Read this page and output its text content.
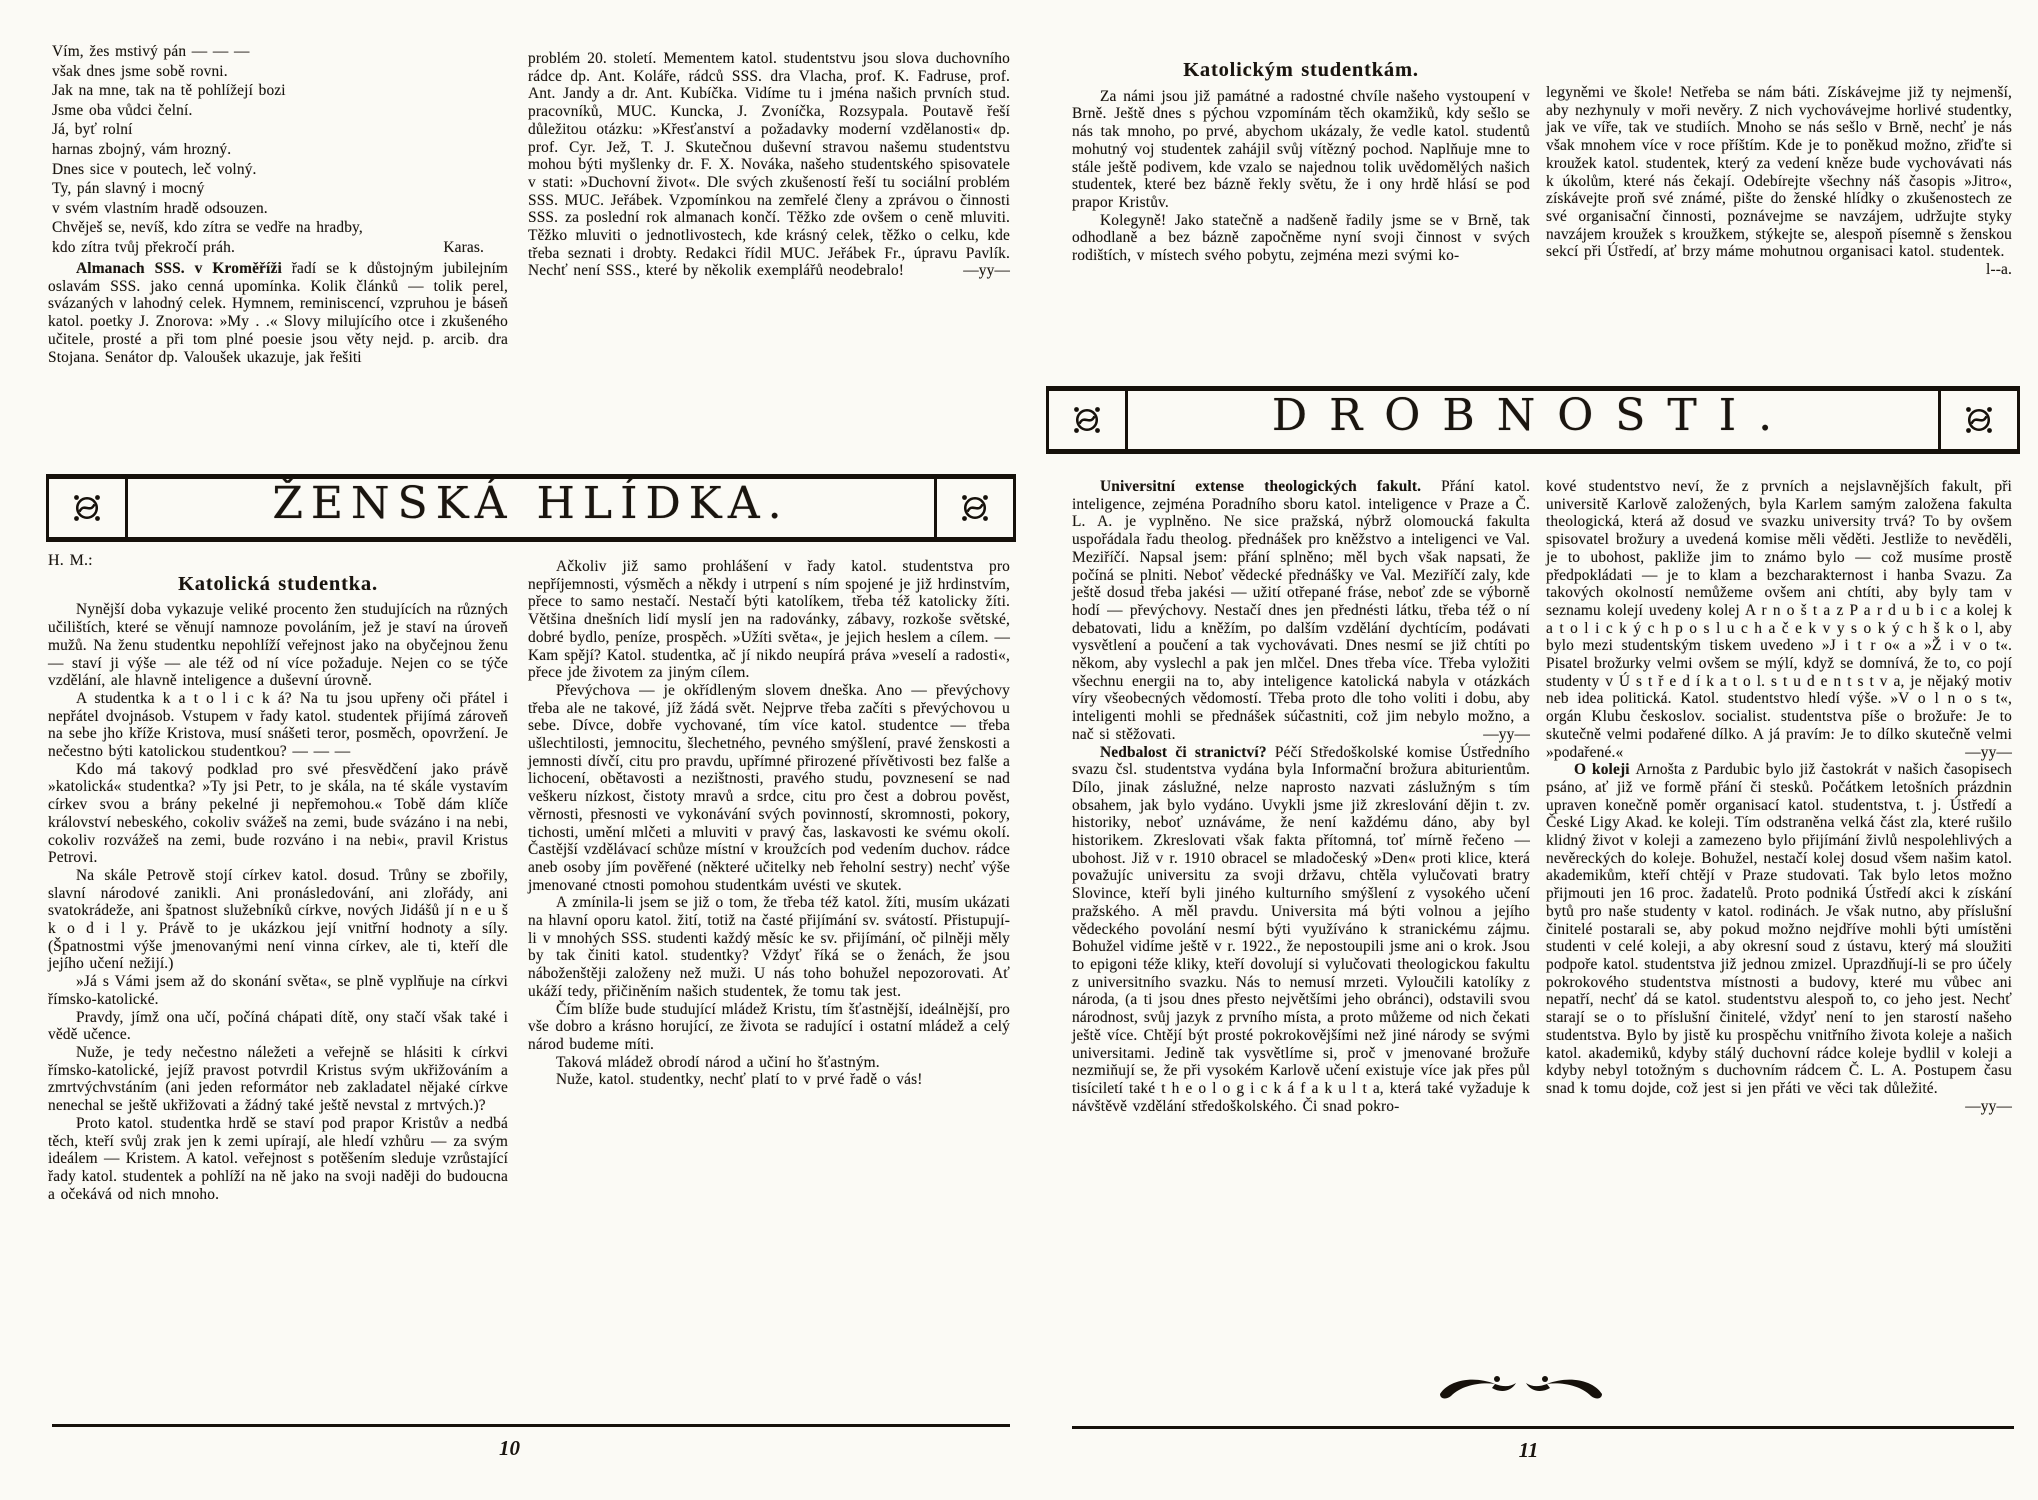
Vím, žes mstivý pán — — —

však dnes jsme sobě rovni.

Jak na mne, tak na tě pohlížejí bozi

Jsme oba vůdci čelní.

Já, byť rolní

harnas zbojný, vám hrozný.

Dnes sice v poutech, leč volný.

Ty, pán slavný i mocný

v svém vlastním hradě odsouzen.

Chvěješ se, nevíš, kdo zítra se vedře na hradby,

kdo zítra tvůj překročí práh.	Karas.

Almanach SSS. v Kroměříži řadí se k důstojným jubilejním oslavám SSS. jako cenná upomínka. Kolik článků — tolik perel, svázaných v lahodný celek. Hymnem, reminiscencí, vzpruhou je báseň katol. poetky J. Znorova: »My . .« Slovy milujícího otce i zkušeného učitele, prosté a při tom plné poesie jsou věty nejd. p. arcib. dra Stojana. Senátor dp. Valoušek ukazuje, jak řešiti

problém 20. století. Mementem katol. studentstvu jsou slova duchovního rádce dp. Ant. Koláře, rádců SSS. dra Vlacha, prof. K. Fadruse, prof. Ant. Jandy a dr. Ant. Kubíčka. Vidíme tu i jména našich prvních stud. pracovníků, MUC. Kuncka, J. Zvoníčka, Rozsypala. Poutavě řeší důležitou otázku: »Křesťanství a požadavky moderní vzdělanosti« dp. prof. Cyr. Jež, T. J. Skutečnou duševní stravou našemu studentstvu mohou býti myšlenky dr. F. X. Nováka, našeho studentského spisovatele v stati: »Duchovní život«. Dle svých zkušeností řeší tu sociální problém SSS. MUC. Jeřábek. Vzpomínkou na zemřelé členy a zprávou o činnosti SSS. za poslední rok almanach končí. Těžko zde ovšem o ceně mluviti. Těžko mluviti o jednotlivostech, kde krásný celek, těžko o celku, kde třeba seznati i drobty. Redakci řídil MUC. Jeřábek Fr., úpravu Pavlík. Nechť není SSS., které by několik exemplářů neodebralo!	—yy—

ŽENSKÁ HLÍDKA.

H. M.:

Katolická studentka.

Nynější doba vykazuje veliké procento žen studujících na různých učilištích, které se věnují namnoze povoláním, jež je staví na úroveň mužů. Na ženu studentku nepohlíží veřejnost jako na obyčejnou ženu — staví ji výše — ale též od ní více požaduje. Nejen co se týče vzdělání, ale hlavně inteligence a duševní úrovně.

A studentka k a t o l i c k á? Na tu jsou upřeny oči přátel i nepřátel dvojnásob. Vstupem v řady katol. studentek přijímá zároveň na sebe jho kříže Kristova, musí snášeti teror, posměch, opovržení. Je nečestno býti katolickou studentkou? — — —

Kdo má takový podklad pro své přesvědčení jako právě »katolická« studentka? »Ty jsi Petr, to je skála, na té skále vystavím církev svou a brány pekelné ji nepřemohou.« Tobě dám klíče království nebeského, cokoliv svážeš na zemi, bude svázáno i na nebi, cokoliv rozvážeš na zemi, bude rozváno i na nebi«, pravil Kristus Petrovi.

Na skále Petrově stojí církev katol. dosud. Trůny se zbořily, slavní národové zanikli. Ani pronásledování, ani zlořády, ani svatokrádeže, ani špatnost služebníků církve, nových Jidášů jí n e u š k o d i l y. Právě to je ukázkou její vnitřní hodnoty a síly. (Špatnostmi výše jmenovanými není vinna církev, ale ti, kteří dle jejího učení nežijí.)

»Já s Vámi jsem až do skonání světa«, se plně vyplňuje na církvi římsko-katolické.

Pravdy, jímž ona učí, počíná chápati dítě, ony stačí však také i vědě učence.

Nuže, je tedy nečestno náležeti a veřejně se hlásiti k církvi římsko-katolické, jejíž pravost potvrdil Kristus svým ukřižováním a zmrtvýchvstáním (ani jeden reformátor neb zakladatel nějaké církve nenechal se ještě ukřižovati a žádný také ještě nevstal z mrtvých.)?

Proto katol. studentka hrdě se staví pod prapor Kristův a nedbá těch, kteří svůj zrak jen k zemi upírají, ale hledí vzhůru — za svým ideálem — Kristem. A katol. veřejnost s potěšením sleduje vzrůstající řady katol. studentek a pohlíží na ně jako na svoji naději do budoucna a očekává od nich mnoho.

Ačkoliv již samo prohlášení v řady katol. studentstva pro nepříjemnosti, výsměch a někdy i utrpení s ním spojené je již hrdinstvím, přece to samo nestačí. Nestačí býti katolíkem, třeba též katolicky žíti. Většina dnešních lidí myslí jen na radovánky, zábavy, rozkoše světské, dobré bydlo, peníze, prospěch. »Užíti světa«, je jejich heslem a cílem. — Kam spějí? Katol. studentka, ač jí nikdo neupírá práva »veselí a radosti«, přece jde životem za jiným cílem.

Převýchova — je okřídleným slovem dneška. Ano — převýchovy třeba ale ne takové, jíž žádá svět. Nejprve třeba začíti s převýchovou u sebe. Dívce, dobře vychované, tím více katol. studentce — třeba ušlechtilosti, jemnocitu, šlechetného, pevného smýšlení, pravé ženskosti a jemnosti dívčí, citu pro pravdu, upřímné přirozené přívětivosti bez falše a lichocení, obětavosti a nezištnosti, pravého studu, povznesení se nad veškeru nízkost, čistoty mravů a srdce, citu pro čest a dobrou pověst, věrnosti, přesnosti ve vykonávání svých povinností, skromnosti, pokory, tichosti, umění mlčeti a mluviti v pravý čas, laskavosti ke svému okolí. Častější vzdělávací schůze místní v kroužcích pod vedením duchov. rádce aneb osoby jím pověřené (některé učitelky neb řeholní sestry) nechť výše jmenované ctnosti pomohou studentkám uvésti ve skutek.

A zmínila-li jsem se již o tom, že třeba též katol. žíti, musím ukázati na hlavní oporu katol. žití, totiž na časté přijímání sv. svátostí. Přistupují-li v mnohých SSS. studenti každý měsíc ke sv. přijímání, oč pilněji měly by tak činiti katol. studentky? Vždyť říká se o ženách, že jsou náboženštěji založeny než muži. U nás toho bohužel nepozorovati. Ať ukáží tedy, přičiněním našich studentek, že tomu tak jest.

Čím blíže bude studující mládež Kristu, tím šťastnější, ideálnější, pro vše dobro a krásno horující, ze života se radující i ostatní mládež a celý národ budeme míti.

Taková mládež obrodí národ a učiní ho šťastným.

Nuže, katol. studentky, nechť platí to v prvé řadě o vás!

10

Katolickým studentkám.

Za námi jsou již památné a radostné chvíle našeho vystoupení v Brně. Ještě dnes s pýchou vzpomínám těch okamžiků, kdy sešlo se nás tak mnoho, po prvé, abychom ukázaly, že vedle katol. studentů mohutný voj studentek zahájil svůj vítězný pochod. Naplňuje mne to stále ještě podivem, kde vzalo se najednou tolik uvědomělých našich studentek, které bez bázně řekly světu, že i ony hrdě hlásí se pod prapor Kristův.

Kolegyně! Jako statečně a nadšeně řadily jsme se v Brně, tak odhodlaně a bez bázně započněme nyní svoji činnost v svých rodištích, v místech svého pobytu, zejména mezi svými ko-

legyněmi ve škole! Netřeba se nám báti. Získávejme již ty nejmenší, aby nezhynuly v moři nevěry. Z nich vychovávejme horlivé studentky, jak ve víře, tak ve studiích. Mnoho se nás sešlo v Brně, nechť je nás však mnohem více v roce příštím. Kde je to poněkud možno, zřiďte si kroužek katol. studentek, který za vedení kněze bude vychovávati nás k úkolům, které nás čekají. Odebírejte všechny náš časopis »Jitro«, získávejte proň své známé, pište do ženské hlídky o zkušenostech ze své organisační činnosti, poznávejme se navzájem, udržujte styky navzájem kroužek s kroužkem, stýkejte se, alespoň písemně s ženskou sekcí při Ústředí, ať brzy máme mohutnou organisaci katol. studentek.
l--a.

DROBNOSTI.

Universitní extense theologických fakult. Přání katol. inteligence, zejména Poradního sboru katol. inteligence v Praze a Č. L. A. je vyplněno. Ne sice pražská, nýbrž olomoucká fakulta uspořádala řadu theolog. přednášek pro kněžstvo a inteligenci ve Val. Meziříčí. Napsal jsem: přání splněno; měl bych však napsati, že počíná se plniti. Neboť vědecké přednášky ve Val. Meziříčí zaly, kde ještě dosud třeba jakési — užití otřepané fráse, neboť zde se výborně hodí — převýchovy. Nestačí dnes jen přednésti látku, třeba též o ní debatovati, lidu a kněžím, po dalším vzdělání dychtícím, podávati vysvětlení a poučení a tak vychovávati. Dnes nesmí se již chtíti po někom, aby vyslechl a pak jen mlčel. Dnes třeba více. Třeba vyložiti všechnu energii na to, aby inteligence katolická nabyla v otázkách víry všeobecných vědomostí. Třeba proto dle toho voliti i dobu, aby inteligenti mohli se přednášek súčastniti, což jim nebylo možno, a nač si stěžovati.	—yy—

Nedbalost či stranictví? Péčí Středoškolské komise Ústředního svazu čsl. studentstva vydána byla Informační brožura abiturientům. Dílo, jinak záslužné, nelze naprosto nazvati záslužným s tím obsahem, jak bylo vydáno. Uvykli jsme již zkreslování dějin t. zv. historiky, neboť uznáváme, že není každému dáno, aby byl historikem. Zkreslovati však fakta přítomná, toť mírně řečeno — ubohost. Již v r. 1910 obracel se mladočeský »Den« proti klice, která považujíc universitu za svoji državu, chtěla vylučovati bratry Slovince, kteří byli jiného kulturního smýšlení z vysokého učení pražského. A měl pravdu. Universita má býti volnou a jejího vědeckého povolání nesmí býti využíváno k stranickému zájmu. Bohužel vidíme ještě v r. 1922., že nepostoupili jsme ani o krok. Jsou to epigoni téže kliky, kteří dovolují si vylučovati theologickou fakultu z universitního svazku. Nás to nemusí mrzeti. Vyloučili katolíky z národa, (a ti jsou dnes přesto největšími jeho obránci), odstavili svou národnost, svůj jazyk z prvního místa, a proto můžeme od nich čekati ještě více. Chtějí být prosté pokrokovějšími než jiné národy se svými universitami. Jedině tak vysvětlíme si, proč v jmenované brožuře nezmiňují se, že při vysokém Karlově učení existuje více jak přes půl tisíciletí také t h e o l o g i c k á f a k u l t a, která také vyžaduje k návštěvě vzdělání středoškolského. Či snad pokro-

kové studentstvo neví, že z prvních a nejslavnějších fakult, při universitě Karlově založených, byla Karlem samým založena fakulta theologická, která až dosud ve svazku university trvá? To by ovšem spisovatel brožury a uvedená komise měli věděti. Jestliže to nevěděli, je to ubohost, pakliže jim to známo bylo — což musíme prostě předpokládati — je to klam a bezcharakternost i hanba Svazu. Za takových okolností nemůžeme ovšem ani chtíti, aby byly tam v seznamu kolejí uvedeny kolej A r n o š t a z P a r d u b i c a kolej k a t o l i c k ý c h p o s l u c h a č e k v y s o k ý c h š k o l, aby bylo mezi studentským tiskem uvedeno »J i t r o« a »Ž i v o t«. Pisatel brožurky velmi ovšem se mýlí, když se domnívá, že to, co pojí studenty v Ú s t ř e d í k a t o l. s t u d e n t s t v a, je nějaký motiv neb idea politická. Katol. studentstvo hledí výše. »V o l n o s t«, orgán Klubu českoslov. socialist. studentstva píše o brožuře: Je to skutečně velmi podařené dílko. A já pravím: Je to dílko skutečně velmi »podařené.«	—yy—

O koleji Arnošta z Pardubic bylo již častokrát v našich časopisech psáno, ať již ve formě přání či stesků. Počátkem letošních prázdnin upraven konečně poměr organisací katol. studentstva, t. j. Ústředí a České Ligy Akad. ke koleji. Tím odstraněna velká část zla, které rušilo klidný život v koleji a zamezeno bylo přijímání živlů nespolehlivých a nevěreckých do koleje. Bohužel, nestačí kolej dosud všem našim katol. akademikům, kteří chtějí v Praze studovati. Tak bylo letos možno přijmouti jen 16 proc. žadatelů. Proto podniká Ústředí akci k získání bytů pro naše studenty v katol. rodinách. Je však nutno, aby příslušní činitelé postarali se, aby pokud možno nejdříve mohli býti umístěni studenti v celé koleji, a aby okresní soud z ústavu, který má sloužiti podpoře katol. studentstva již jednou zmizel. Uprazdňují-li se pro účely pokrokového studentstva místnosti a budovy, které mu vůbec ani nepatří, nechť dá se katol. studentstvu alespoň to, co jeho jest. Nechť starají se o to příslušní činitelé, vždyť není to jen starostí našeho studentstva. Bylo by jistě ku prospěchu vnitřního života koleje a našich katol. akademiků, kdyby stálý duchovní rádce koleje bydlil v koleji a kdyby nebyl totožným s duchovním rádcem Č. L. A. Postupem času snad k tomu dojde, což jest si jen přáti ve věci tak důležité.
—yy—

11
